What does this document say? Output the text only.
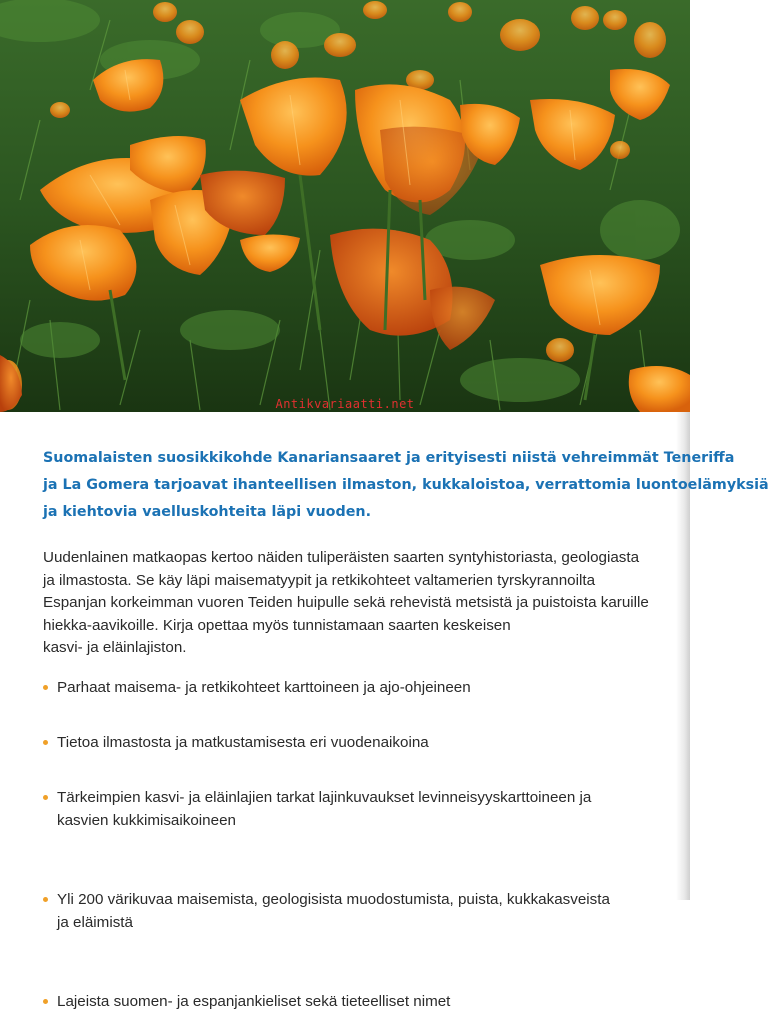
Antikvariaatti.net
Suomalaisten suosikkikohde Kanariansaaret ja erityisesti niistä vehreimmät Teneriffa
ja La Gomera tarjoavat ihanteellisen ilmaston, kukkaloistoa, verrattomia luontoelämyksiä
ja kiehtovia vaelluskohteita läpi vuoden.
Uudenlainen matkaopas kertoo näiden tuliperäisten saarten syntyhistoriasta, geologiasta
ja ilmastosta. Se käy läpi maisematyypit ja retkikohteet valtamerien tyrskyrannoilta
Espanjan korkeimman vuoren Teiden huipulle sekä rehevistä metsistä ja puistoista karuille
hiekka-aavikoille. Kirja opettaa myös tunnistamaan saarten keskeisen
kasvi- ja eläinlajiston.
Parhaat maisema- ja retkikohteet karttoineen ja ajo-ohjeineen
Tietoa ilmastosta ja matkustamisesta eri vuodenaikoina
Tärkeimpien kasvi- ja eläinlajien tarkat lajinkuvaukset levinneisyyskarttoineen ja
kasvien kukkimisaikoineen
Yli 200 värikuvaa maisemista, geologisista muodostumista, puista, kukkakasveista
ja eläimistä
Lajeista suomen- ja espanjankieliset sekä tieteelliset nimet
